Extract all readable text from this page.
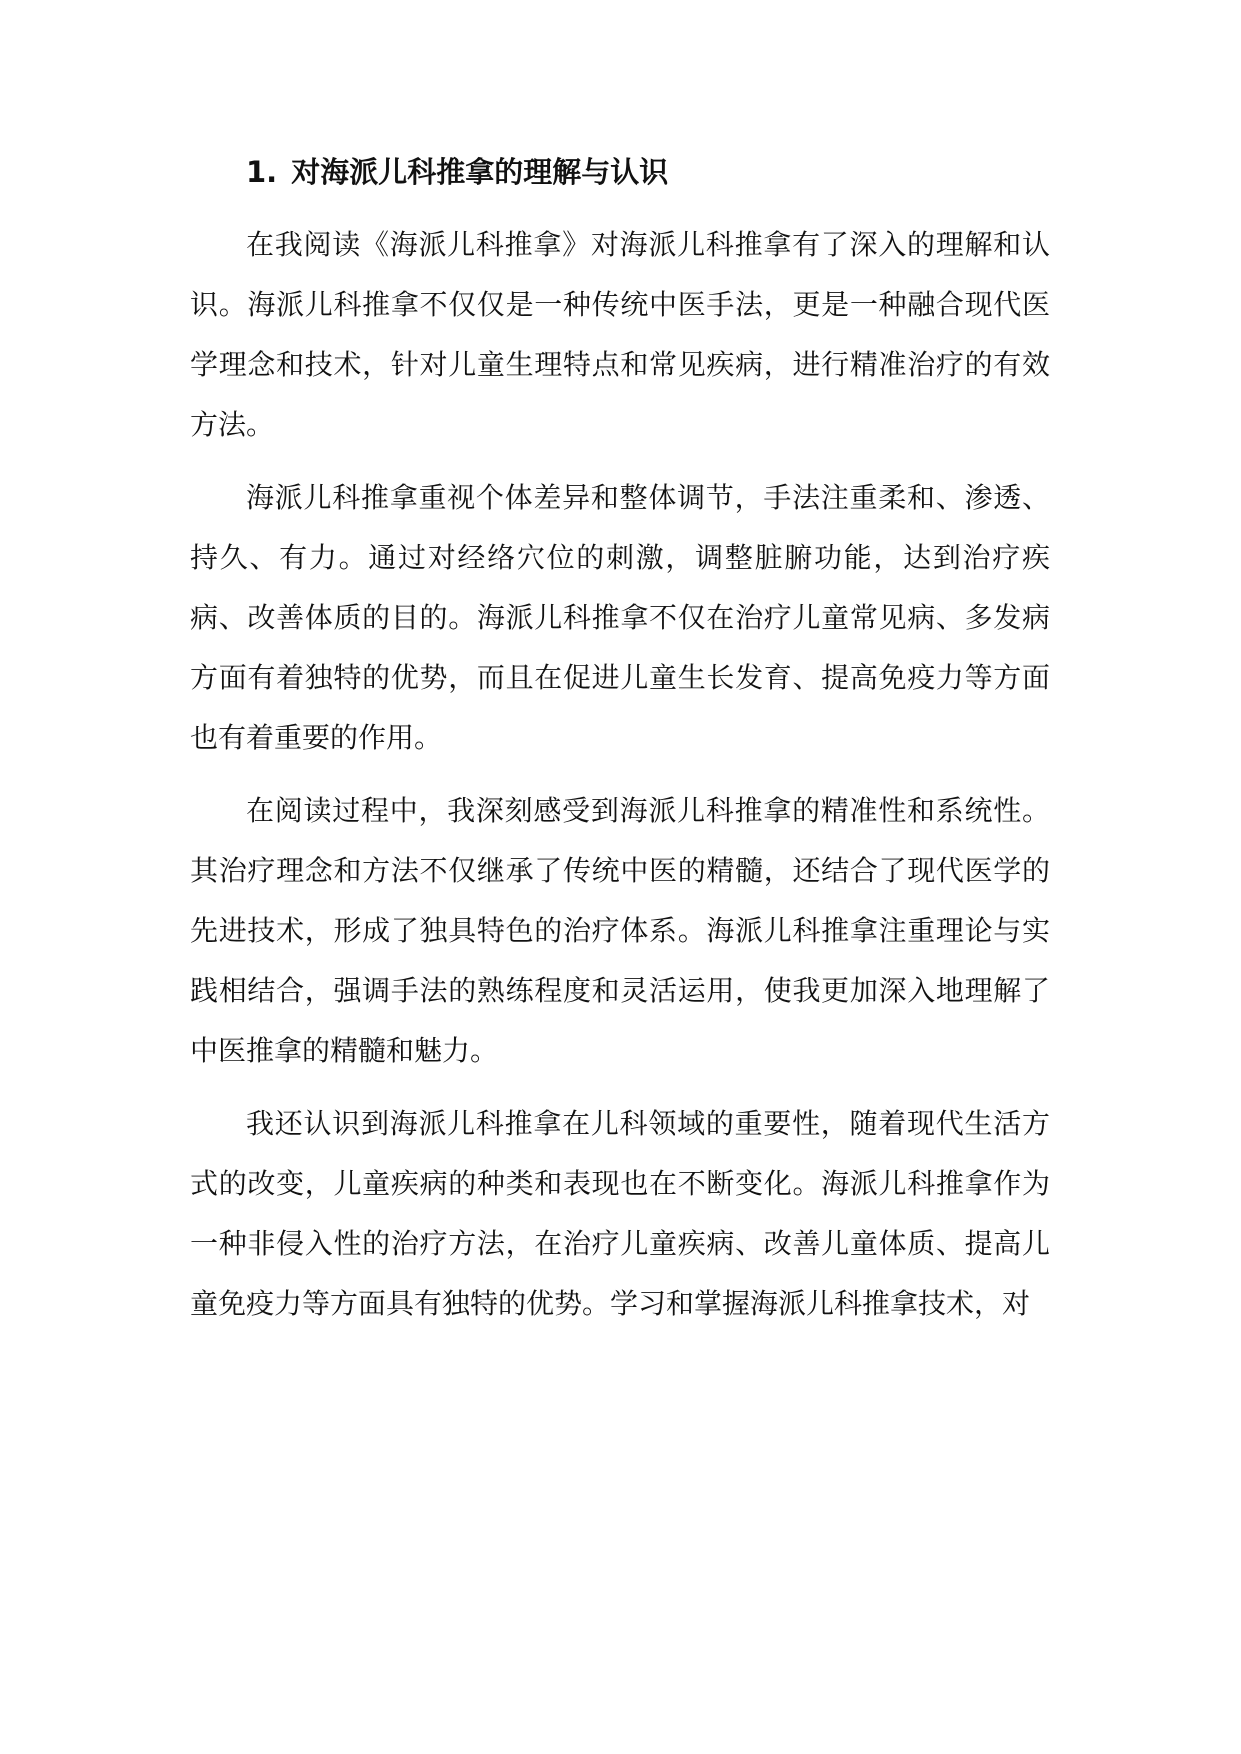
1. 对海派儿科推拿的理解与认识

在我阅读《海派儿科推拿》对海派儿科推拿有了深入的理解和认识。海派儿科推拿不仅仅是一种传统中医手法，更是一种融合现代医学理念和技术，针对儿童生理特点和常见疾病，进行精准治疗的有效方法。

海派儿科推拿重视个体差异和整体调节，手法注重柔和、渗透、持久、有力。通过对经络穴位的刺激，调整脏腑功能，达到治疗疾病、改善体质的目的。海派儿科推拿不仅在治疗儿童常见病、多发病方面有着独特的优势，而且在促进儿童生长发育、提高免疫力等方面也有着重要的作用。

在阅读过程中，我深刻感受到海派儿科推拿的精准性和系统性。其治疗理念和方法不仅继承了传统中医的精髓，还结合了现代医学的先进技术，形成了独具特色的治疗体系。海派儿科推拿注重理论与实践相结合，强调手法的熟练程度和灵活运用，使我更加深入地理解了中医推拿的精髓和魅力。

我还认识到海派儿科推拿在儿科领域的重要性，随着现代生活方式的改变，儿童疾病的种类和表现也在不断变化。海派儿科推拿作为一种非侵入性的治疗方法，在治疗儿童疾病、改善儿童体质、提高儿童免疫力等方面具有独特的优势。学习和掌握海派儿科推拿技术，对
